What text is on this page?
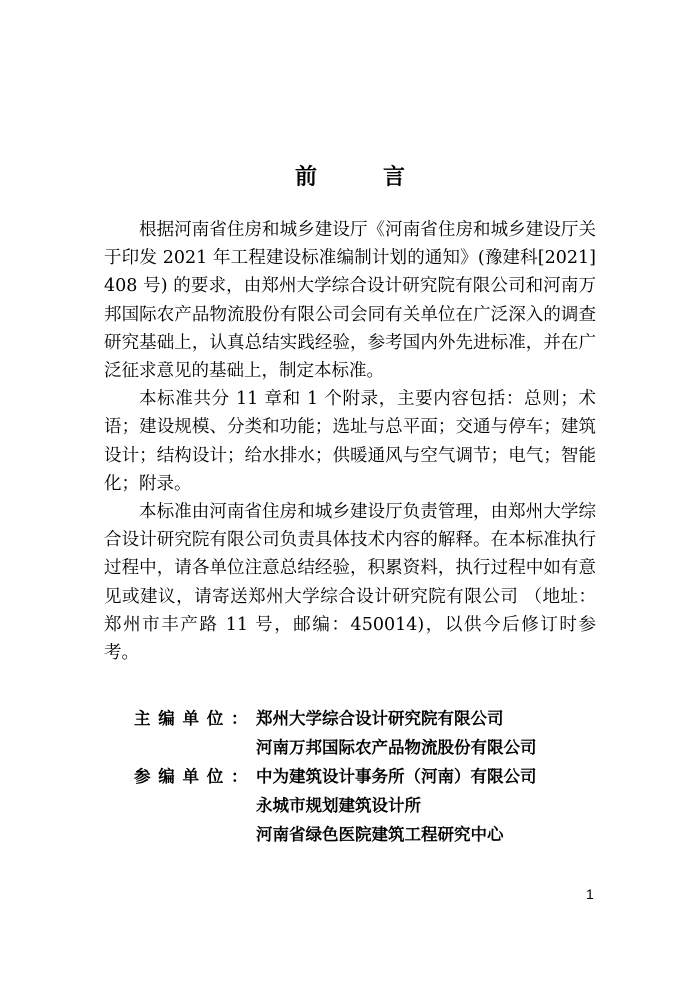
前　言

根据河南省住房和城乡建设厅《河南省住房和城乡建设厅关于印发 2021 年工程建设标准编制计划的通知》(豫建科[2021] 408 号) 的要求，由郑州大学综合设计研究院有限公司和河南万邦国际农产品物流股份有限公司会同有关单位在广泛深入的调查研究基础上，认真总结实践经验，参考国内外先进标准，并在广泛征求意见的基础上，制定本标准。

本标准共分 11 章和 1 个附录，主要内容包括：总则；术语；建设规模、分类和功能；选址与总平面；交通与停车；建筑设计；结构设计；给水排水；供暖通风与空气调节；电气；智能化；附录。

本标准由河南省住房和城乡建设厅负责管理，由郑州大学综合设计研究院有限公司负责具体技术内容的解释。在本标准执行过程中，请各单位注意总结经验，积累资料，执行过程中如有意见或建议，请寄送郑州大学综合设计研究院有限公司 （地址：郑州市丰产路 11 号，邮编：450014)，以供今后修订时参考。

主 编 单 位 ： 郑州大学综合设计研究院有限公司
河南万邦国际农产品物流股份有限公司
参 编 单 位 ： 中为建筑设计事务所（河南）有限公司
永城市规划建筑设计所
河南省绿色医院建筑工程研究中心
1
